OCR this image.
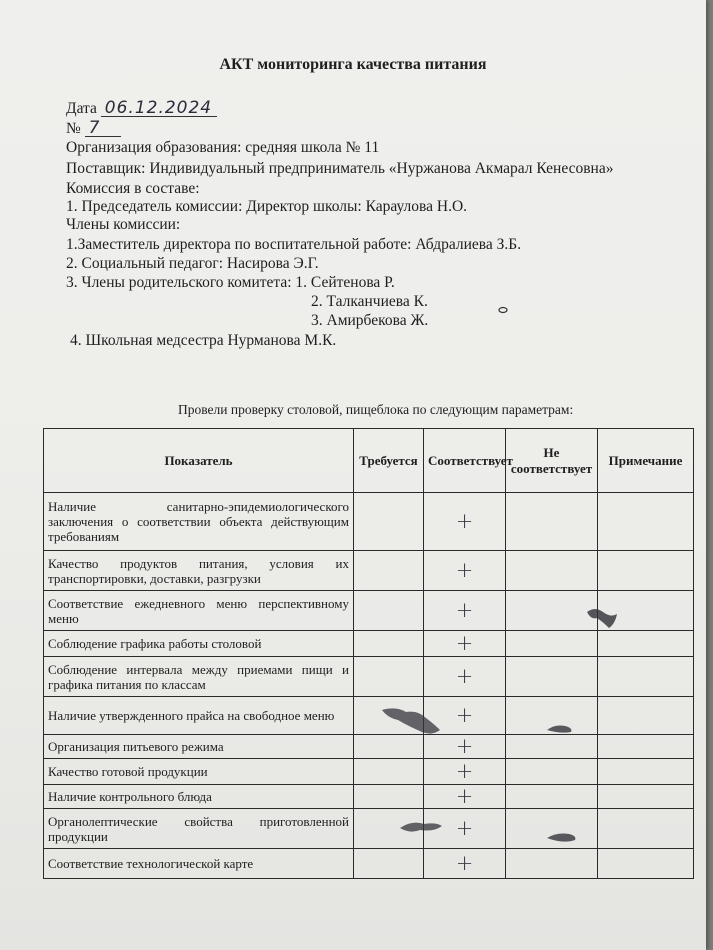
АКТ мониторинга качества питания
Дата 06.12.2024
№ 7
Организация образования: средняя школа № 11
Поставщик: Индивидуальный предприниматель «Нуржанова Акмарал Кенесовна»
Комиссия в составе:
1. Председатель комиссии: Директор школы: Караулова Н.О.
Члены комиссии:
1.Заместитель директора по воспитательной работе: Абдралиева З.Б.
2. Социальный педагог: Насирова Э.Г.
3. Члены родительского комитета: 1. Сейтенова Р.
2. Талканчиева К.
3. Амирбекова Ж.
4. Школьная медсестра Нурманова М.К.
Провели проверку столовой, пищеблока по следующим параметрам:
Показатель	Требуется	Соответствует	Не соответствует	Примечание
Наличие санитарно-эпидемиологического заключения о соответствии объекта действующим требованиям		+		
Качество продуктов питания, условия их транспортировки, доставки, разгрузки		+		
Соответствие ежедневного меню перспективному меню		+		
Соблюдение графика работы столовой		+		
Соблюдение интервала между приемами пищи и графика питания по классам		+		
Наличие утвержденного прайса на свободное меню		+		
Организация питьевого режима		+		
Качество готовой продукции		+		
Наличие контрольного блюда		+		
Органолептические свойства приготовленной продукции		+		
Соответствие технологической карте		+		
